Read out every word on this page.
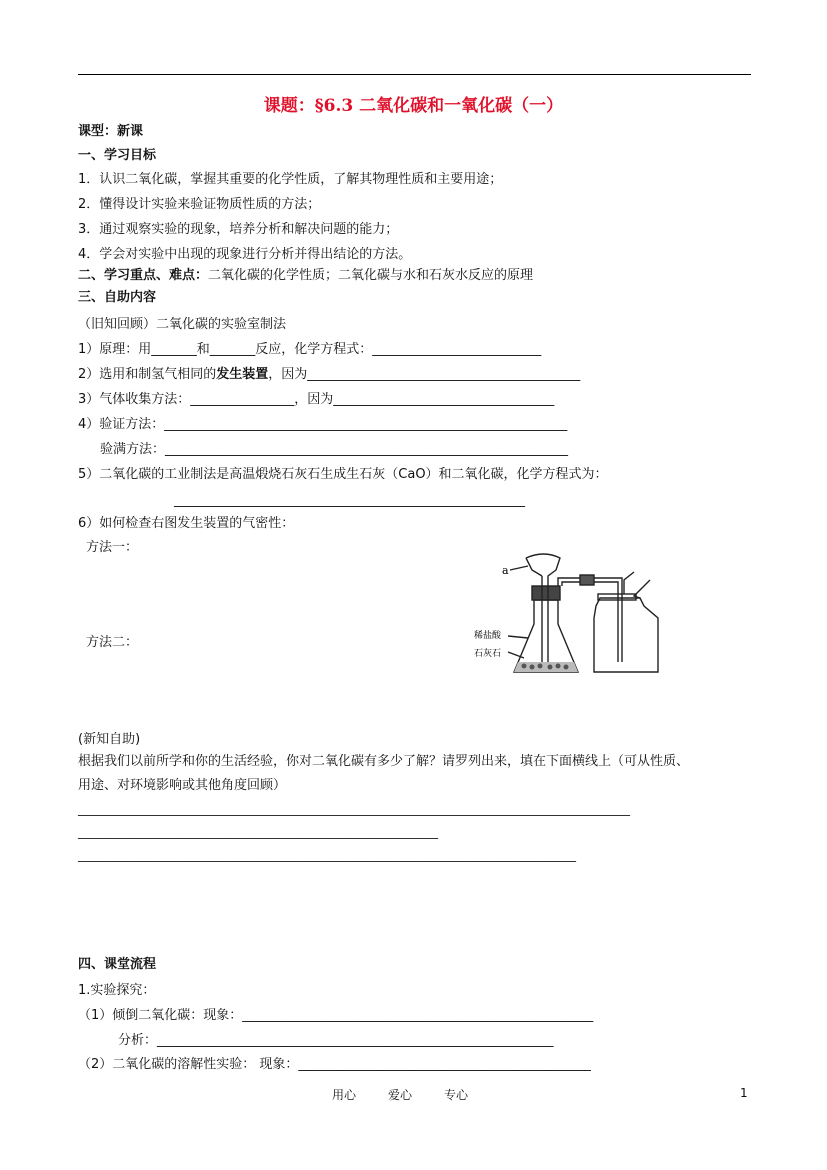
课题：§6.3 二氧化碳和一氧化碳（一）
课型：新课
一、学习目标
1．认识二氧化碳，掌握其重要的化学性质，了解其物理性质和主要用途；
2．懂得设计实验来验证物质性质的方法；
3．通过观察实验的现象，培养分析和解决问题的能力；
4．学会对实验中出现的现象进行分析并得出结论的方法。
二、学习重点、难点：二氧化碳的化学性质；二氧化碳与水和石灰水反应的原理
三、自助内容
（旧知回顾）二氧化碳的实验室制法
1）原理：用_______和_______反应，化学方程式：__________________________
2）选用和制氢气相同的发生装置，因为__________________________________________
3）气体收集方法：________________，因为__________________________________
4）验证方法：______________________________________________________________
验满方法：______________________________________________________________
5）二氧化碳的工业制法是高温煅烧石灰石生成生石灰（CaO）和二氧化碳，化学方程式为：
______________________________________________________
6）如何检查右图发生装置的气密性：
方法一：
方法二：
a
稀盐酸
石灰石
(新知自助)
根据我们以前所学和你的生活经验，你对二氧化碳有多少了解？请罗列出来，填在下面横线上（可从性质、
用途、对环境影响或其他角度回顾）
____________________________________________________________________________________________
____________________________________________________________
___________________________________________________________________________________
四、课堂流程
1.实验探究：
（1）倾倒二氧化碳：现象：______________________________________________________
分析：_____________________________________________________________
（2）二氧化碳的溶解性实验： 现象：_____________________________________________
用心	爱心	专心	1
